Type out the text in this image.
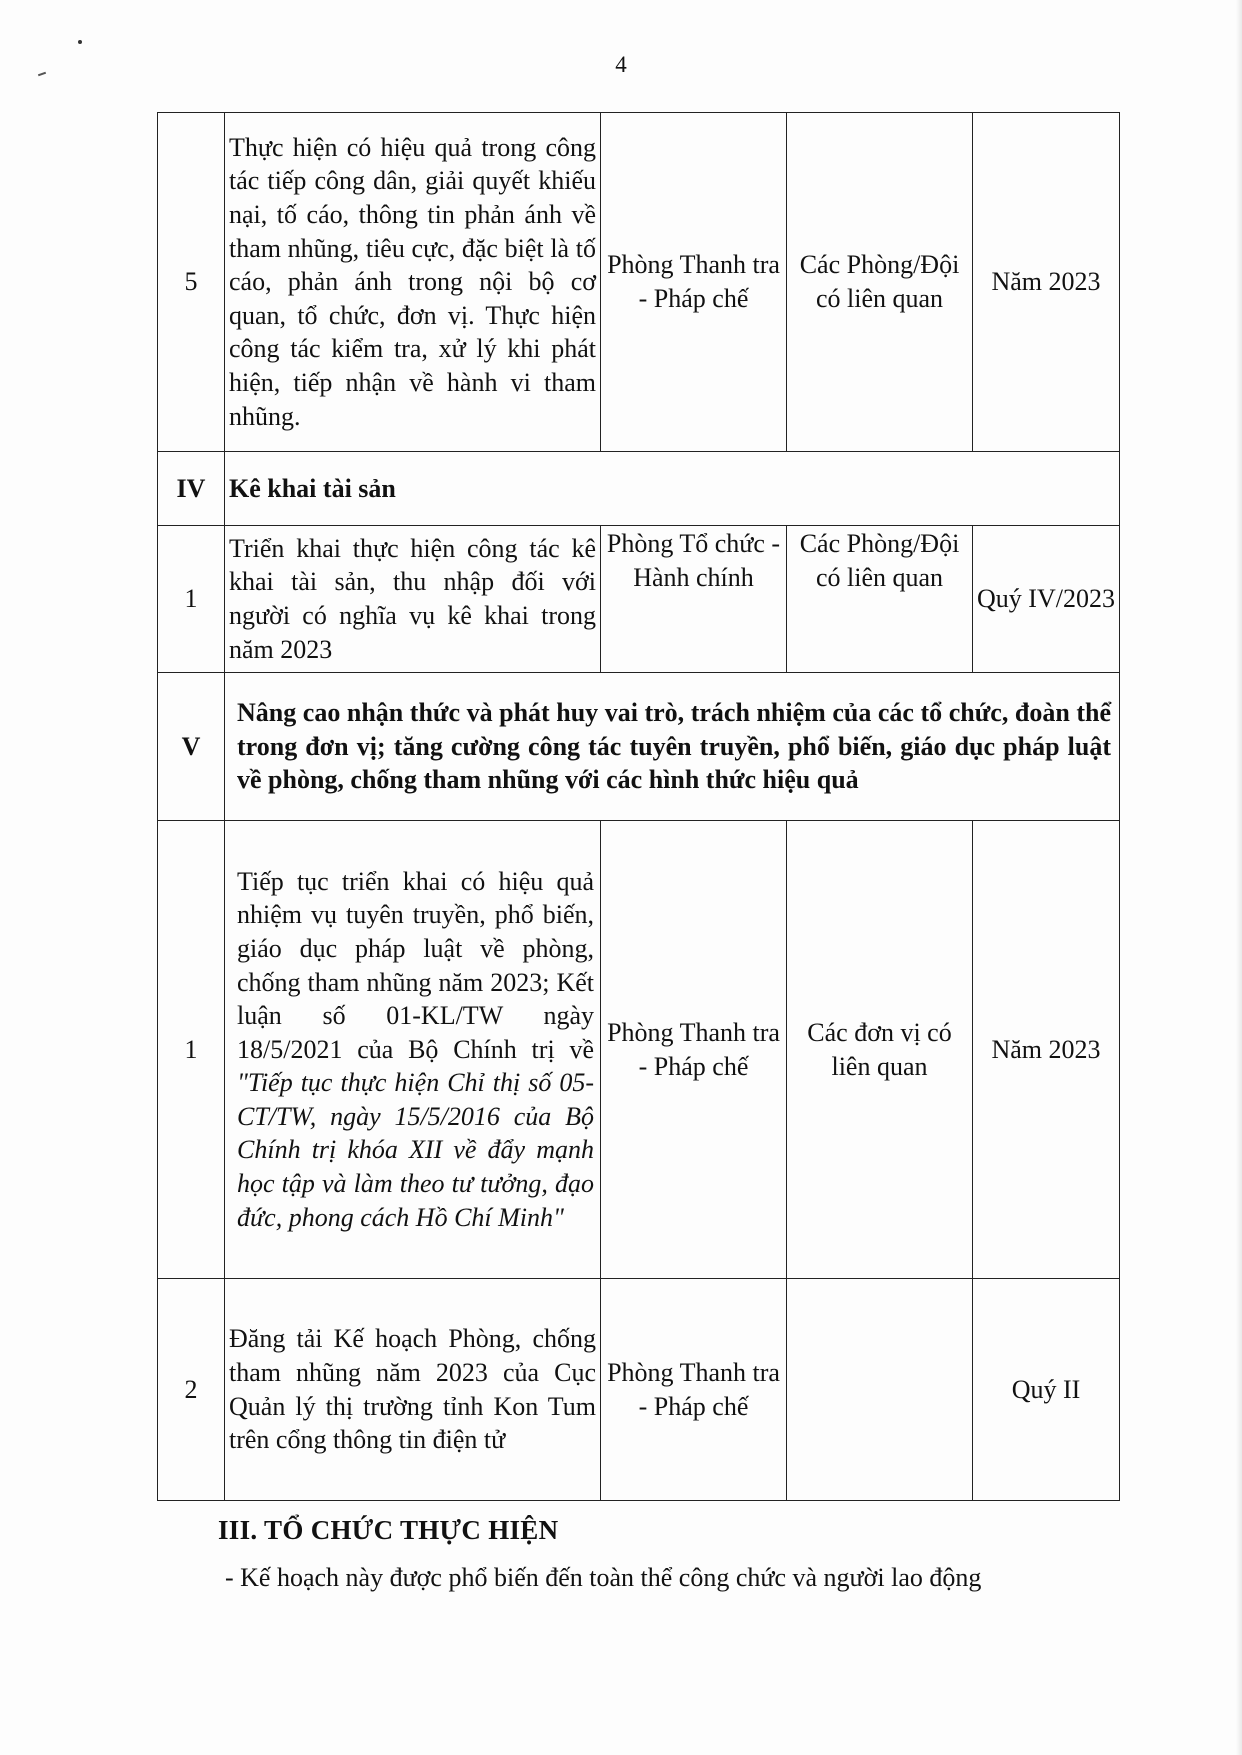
4
5	Thực hiện có hiệu quả trong công tác tiếp công dân, giải quyết khiếu nại, tố cáo, thông tin phản ánh về tham nhũng, tiêu cực, đặc biệt là tố cáo, phản ánh trong nội bộ cơ quan, tổ chức, đơn vị. Thực hiện công tác kiểm tra, xử lý khi phát hiện, tiếp nhận về hành vi tham nhũng.	Phòng Thanh tra - Pháp chế	Các Phòng/Đội có liên quan	Năm 2023
IV	Kê khai tài sản			
1	Triển khai thực hiện công tác kê khai tài sản, thu nhập đối với người có nghĩa vụ kê khai trong năm 2023	Phòng Tổ chức - Hành chính	Các Phòng/Đội có liên quan	Quý IV/2023
V	Nâng cao nhận thức và phát huy vai trò, trách nhiệm của các tổ chức, đoàn thể trong đơn vị; tăng cường công tác tuyên truyền, phổ biến, giáo dục pháp luật về phòng, chống tham nhũng với các hình thức hiệu quả			
1	Tiếp tục triển khai có hiệu quả nhiệm vụ tuyên truyền, phổ biến, giáo dục pháp luật về phòng, chống tham nhũng năm 2023; Kết luận số 01-KL/TW ngày 18/5/2021 của Bộ Chính trị về "Tiếp tục thực hiện Chỉ thị số 05- CT/TW, ngày 15/5/2016 của Bộ Chính trị khóa XII về đẩy mạnh học tập và làm theo tư tưởng, đạo đức, phong cách Hồ Chí Minh"	Phòng Thanh tra - Pháp chế	Các đơn vị có liên quan	Năm 2023
2	Đăng tải Kế hoạch Phòng, chống tham nhũng năm 2023 của Cục Quản lý thị trường tỉnh Kon Tum trên cổng thông tin điện tử	Phòng Thanh tra - Pháp chế		Quý II
III. TỔ CHỨC THỰC HIỆN
- Kế hoạch này được phổ biến đến toàn thể công chức và người lao động
